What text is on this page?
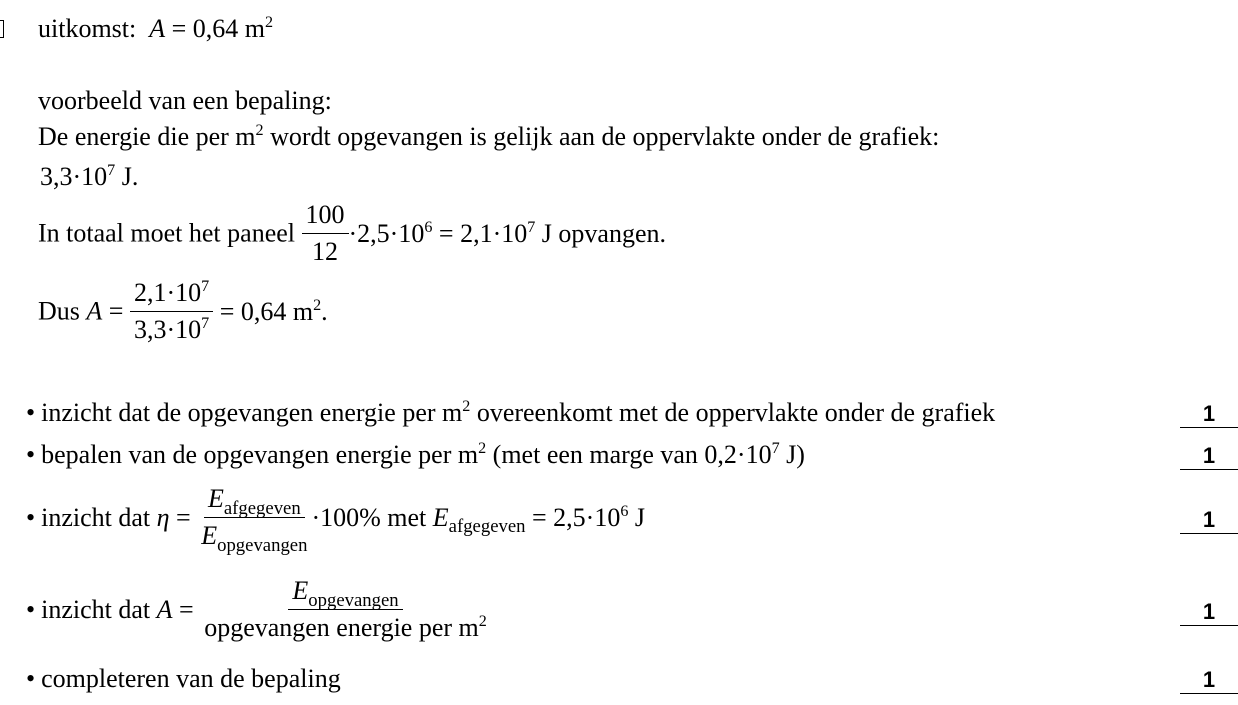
uitkomst: A = 0,64 $m^2$
voorbeeld van een bepaling:
De energie die per $m^2$ wordt opgevangen is gelijk aan de oppervlakte onder de grafiek:
$3,3\cdot 10^7$ J.
In totaal moet het paneel $\frac{100}{12} \cdot 2,5\cdot 10^6 = 2,1\cdot 10^7$ J opvangen.
Dus $A = \frac{2,1\cdot 10^7}{3,3\cdot 10^7} = 0,64$ $m^2$.
• inzicht dat de opgevangen energie per $m^2$ overeenkomt met de oppervlakte onder de grafiek	1
• bepalen van de opgevangen energie per $m^2$ (met een marge van $0,2\cdot 10^7$ J)	1
• inzicht dat $\eta = \frac{E_{afgegeven}}{E_{opgevangen}} \cdot 100\%$ met $E_{afgegeven} = 2,5\cdot 10^6$ J	1
• inzicht dat $A = \frac{E_{opgevangen}}{opgevangen energie per m^2}$	1
• completeren van de bepaling	1
